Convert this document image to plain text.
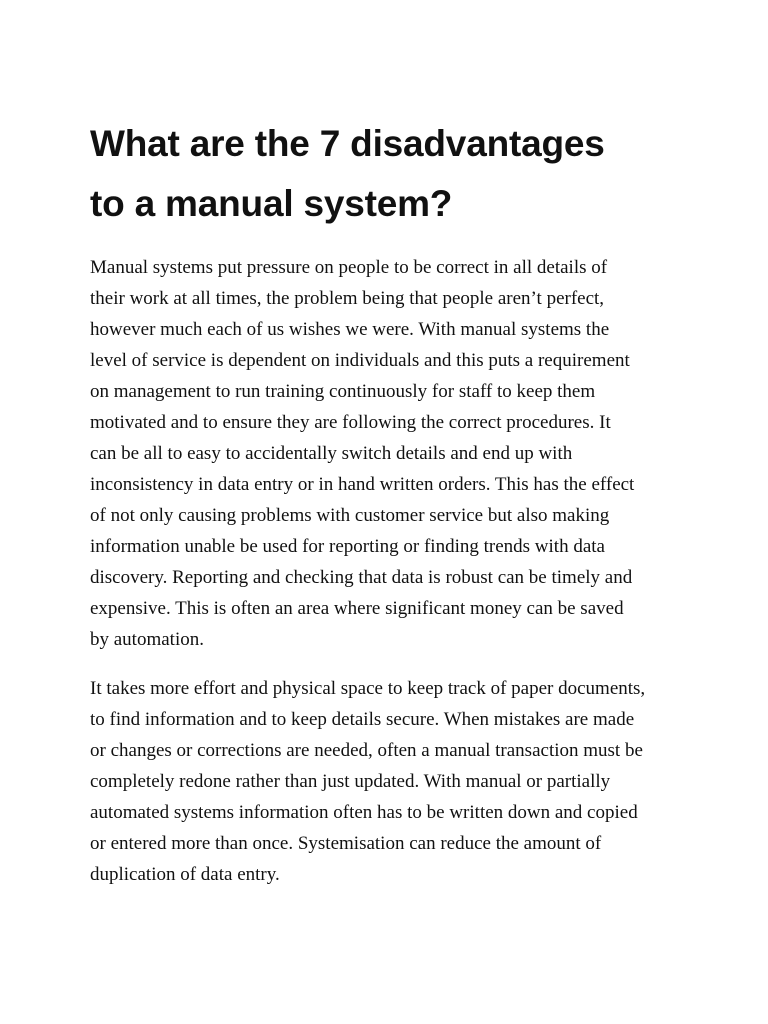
What are the 7 disadvantages
to a manual system?

Manual systems put pressure on people to be correct in all details of
their work at all times, the problem being that people aren’t perfect,
however much each of us wishes we were. With manual systems the
level of service is dependent on individuals and this puts a requirement
on management to run training continuously for staff to keep them
motivated and to ensure they are following the correct procedures. It
can be all to easy to accidentally switch details and end up with
inconsistency in data entry or in hand written orders. This has the effect
of not only causing problems with customer service but also making
information unable be used for reporting or finding trends with data
discovery. Reporting and checking that data is robust can be timely and
expensive. This is often an area where significant money can be saved
by automation.

It takes more effort and physical space to keep track of paper documents,
to find information and to keep details secure. When mistakes are made
or changes or corrections are needed, often a manual transaction must be
completely redone rather than just updated. With manual or partially
automated systems information often has to be written down and copied
or entered more than once. Systemisation can reduce the amount of
duplication of data entry.
